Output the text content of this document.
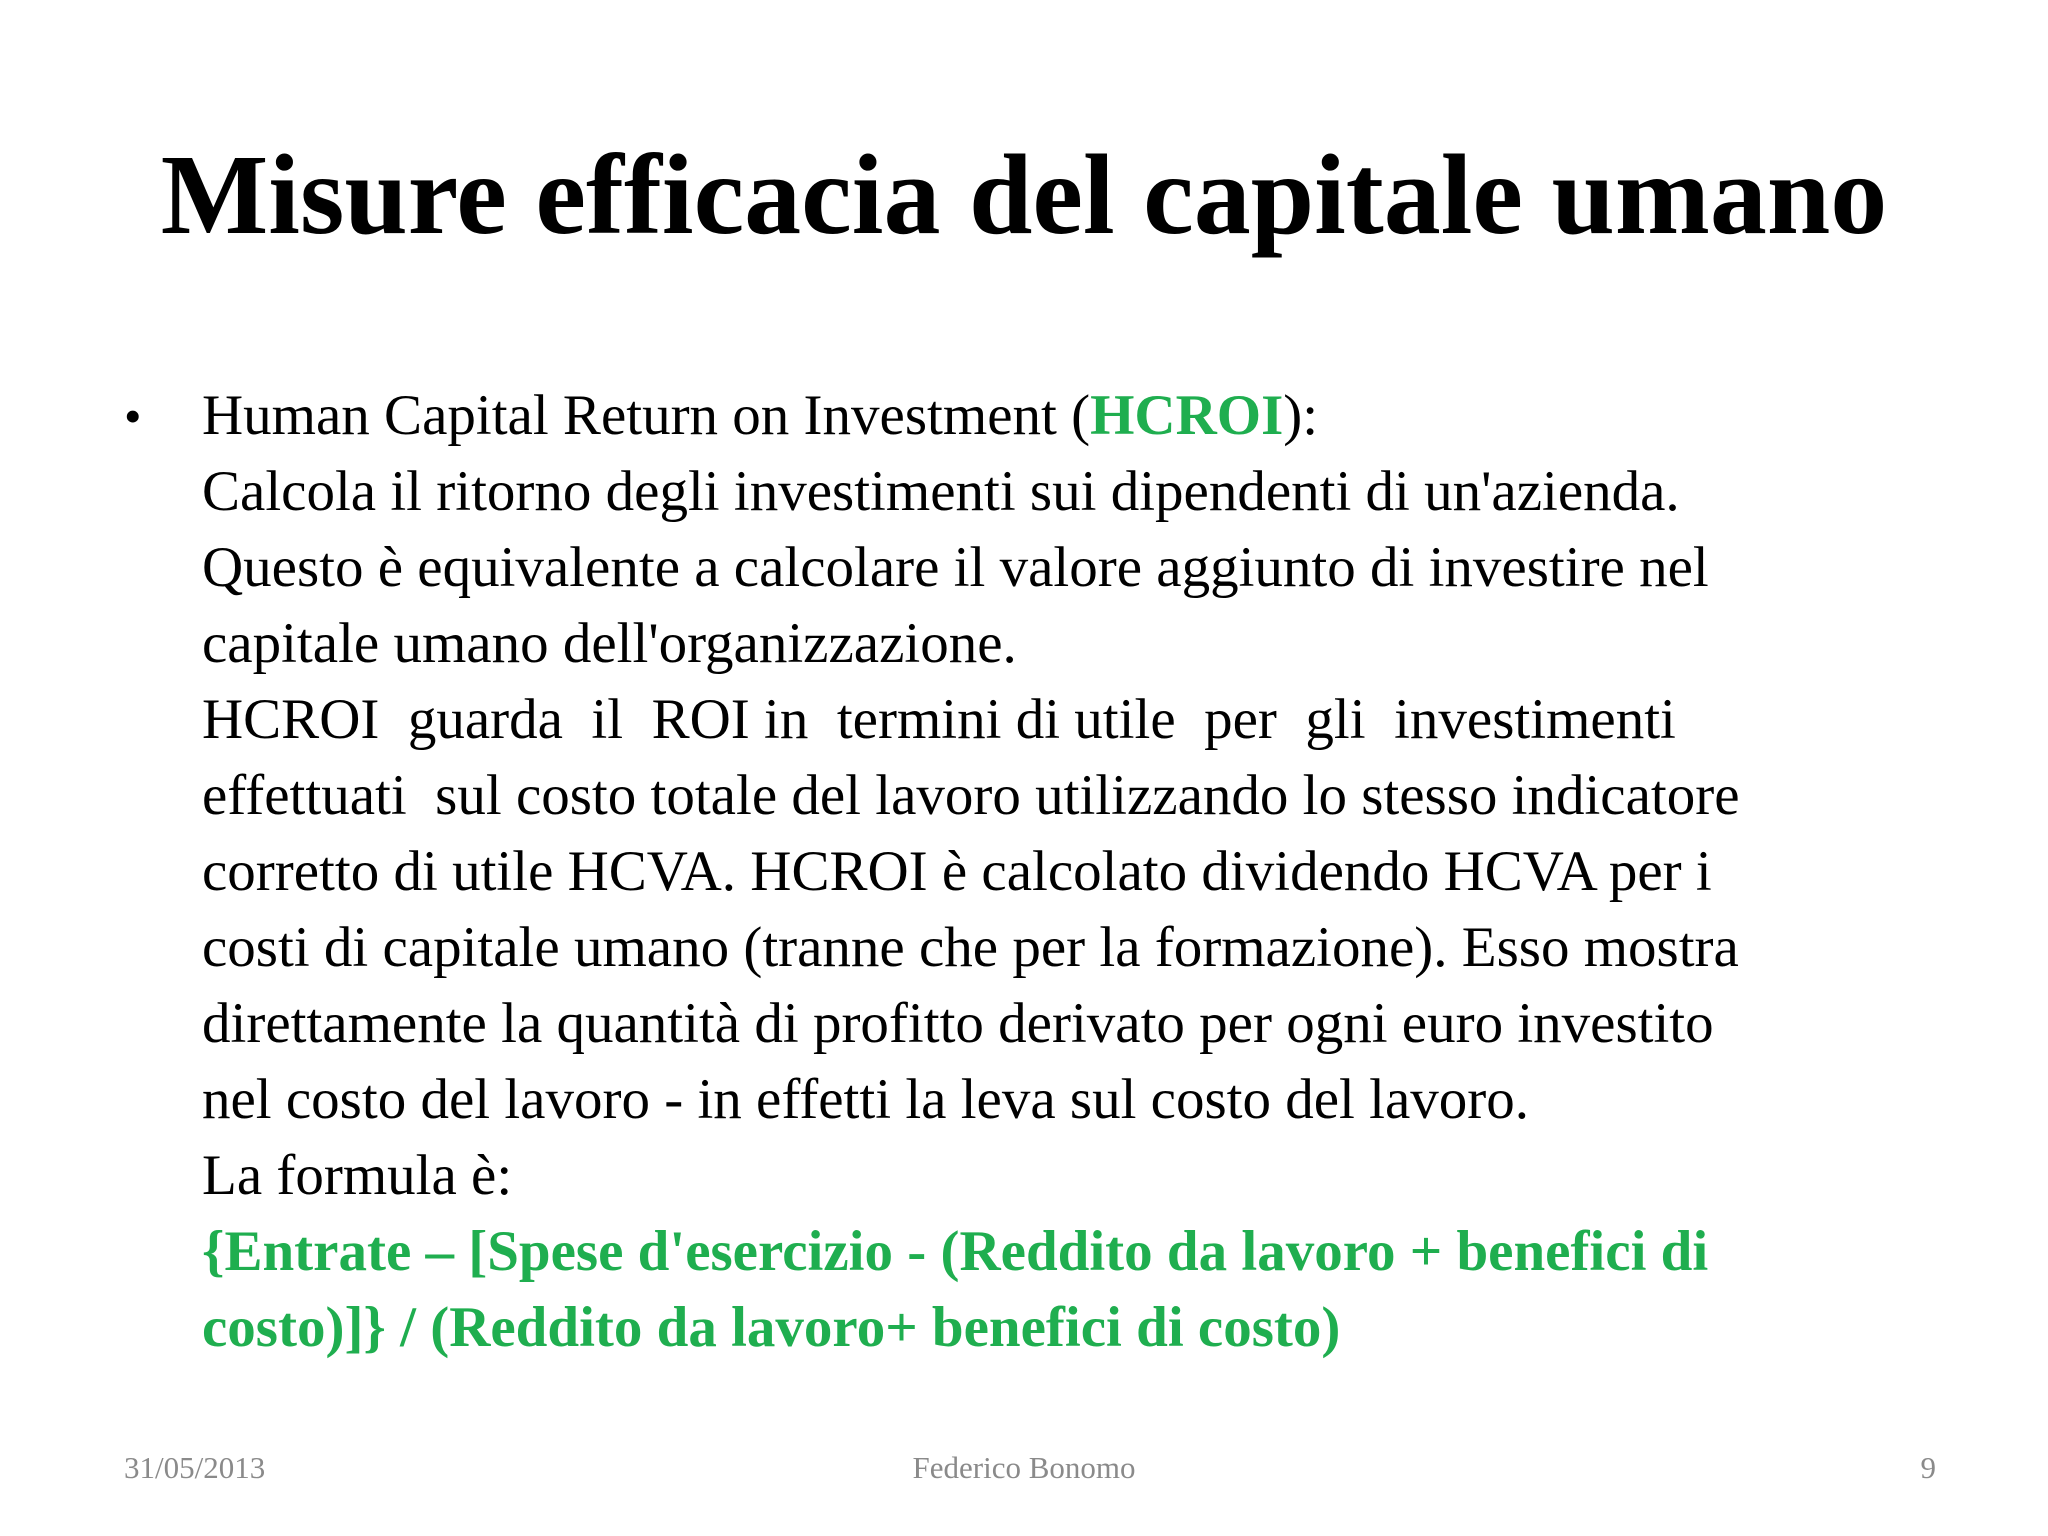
Misure efficacia del capitale umano
•	Human Capital Return on Investment (HCROI):
Calcola il ritorno degli investimenti sui dipendenti di un'azienda.
Questo è equivalente a calcolare il valore aggiunto di investire nel
capitale umano dell'organizzazione.
HCROI  guarda  il  ROI in  termini di utile  per  gli  investimenti
effettuati  sul costo totale del lavoro utilizzando lo stesso indicatore
corretto di utile HCVA. HCROI è calcolato dividendo HCVA per i
costi di capitale umano (tranne che per la formazione). Esso mostra
direttamente la quantità di profitto derivato per ogni euro investito
nel costo del lavoro - in effetti la leva sul costo del lavoro.
La formula è:
{Entrate – [Spese d'esercizio - (Reddito da lavoro + benefici di
costo)]} / (Reddito da lavoro+ benefici di costo)
31/05/2013	Federico Bonomo	9
